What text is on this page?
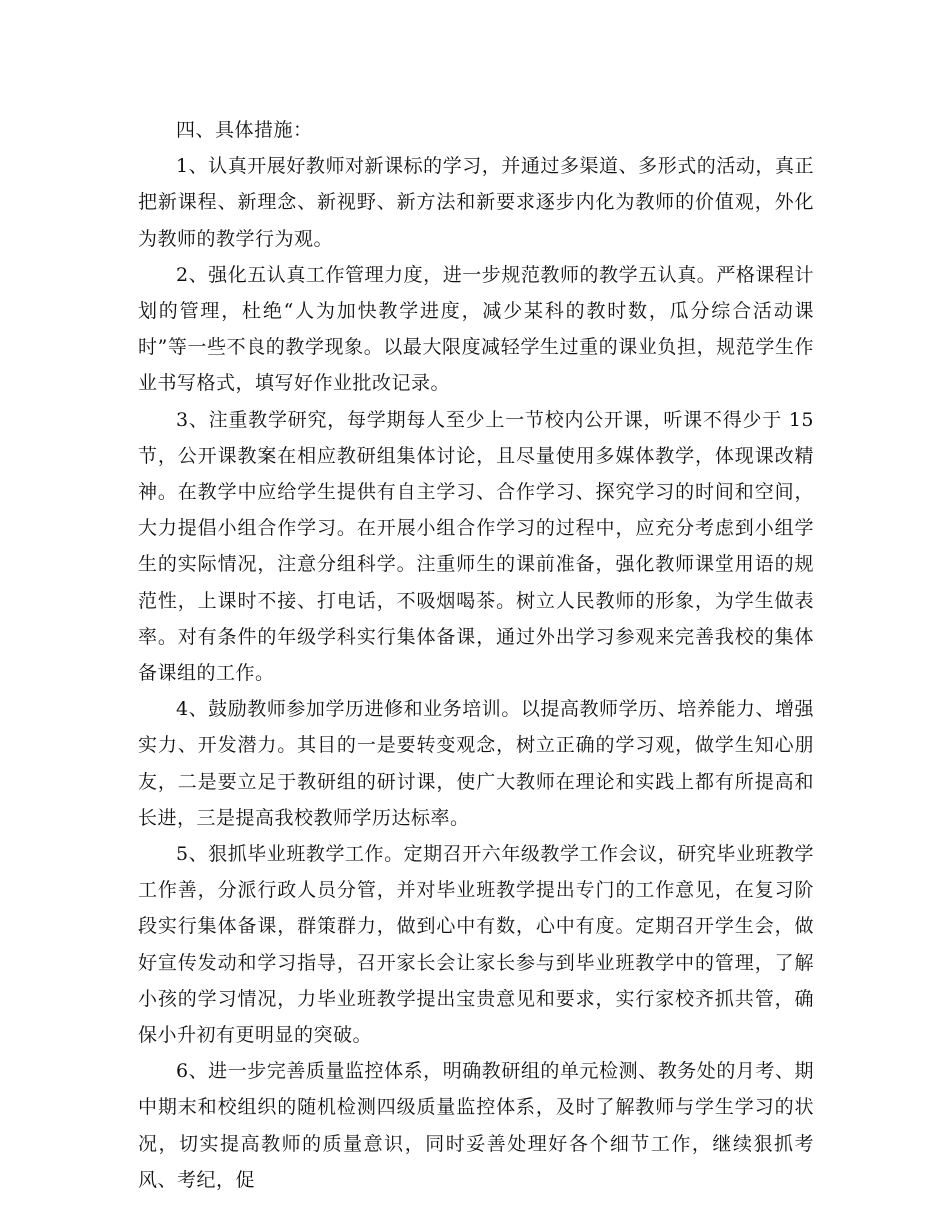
四、具体措施：

1、认真开展好教师对新课标的学习，并通过多渠道、多形式的活动，真正把新课程、新理念、新视野、新方法和新要求逐步内化为教师的价值观，外化为教师的教学行为观。

2、强化五认真工作管理力度，进一步规范教师的教学五认真。严格课程计划的管理，杜绝“人为加快教学进度，减少某科的教时数，瓜分综合活动课时”等一些不良的教学现象。以最大限度减轻学生过重的课业负担，规范学生作业书写格式，填写好作业批改记录。

3、注重教学研究，每学期每人至少上一节校内公开课，听课不得少于 15 节，公开课教案在相应教研组集体讨论，且尽量使用多媒体教学，体现课改精神。在教学中应给学生提供有自主学习、合作学习、探究学习的时间和空间，大力提倡小组合作学习。在开展小组合作学习的过程中，应充分考虑到小组学生的实际情况，注意分组科学。注重师生的课前准备，强化教师课堂用语的规范性，上课时不接、打电话，不吸烟喝茶。树立人民教师的形象，为学生做表率。对有条件的年级学科实行集体备课，通过外出学习参观来完善我校的集体备课组的工作。

4、鼓励教师参加学历进修和业务培训。以提高教师学历、培养能力、增强实力、开发潜力。其目的一是要转变观念，树立正确的学习观，做学生知心朋友，二是要立足于教研组的研讨课，使广大教师在理论和实践上都有所提高和长进，三是提高我校教师学历达标率。

5、狠抓毕业班教学工作。定期召开六年级教学工作会议，研究毕业班教学工作善，分派行政人员分管，并对毕业班教学提出专门的工作意见，在复习阶段实行集体备课，群策群力，做到心中有数，心中有度。定期召开学生会，做好宣传发动和学习指导，召开家长会让家长参与到毕业班教学中的管理，了解小孩的学习情况，力毕业班教学提出宝贵意见和要求，实行家校齐抓共管，确保小升初有更明显的突破。

6、进一步完善质量监控体系，明确教研组的单元检测、教务处的月考、期中期末和校组织的随机检测四级质量监控体系，及时了解教师与学生学习的状况，切实提高教师的质量意识，同时妥善处理好各个细节工作，继续狠抓考风、考纪，促
